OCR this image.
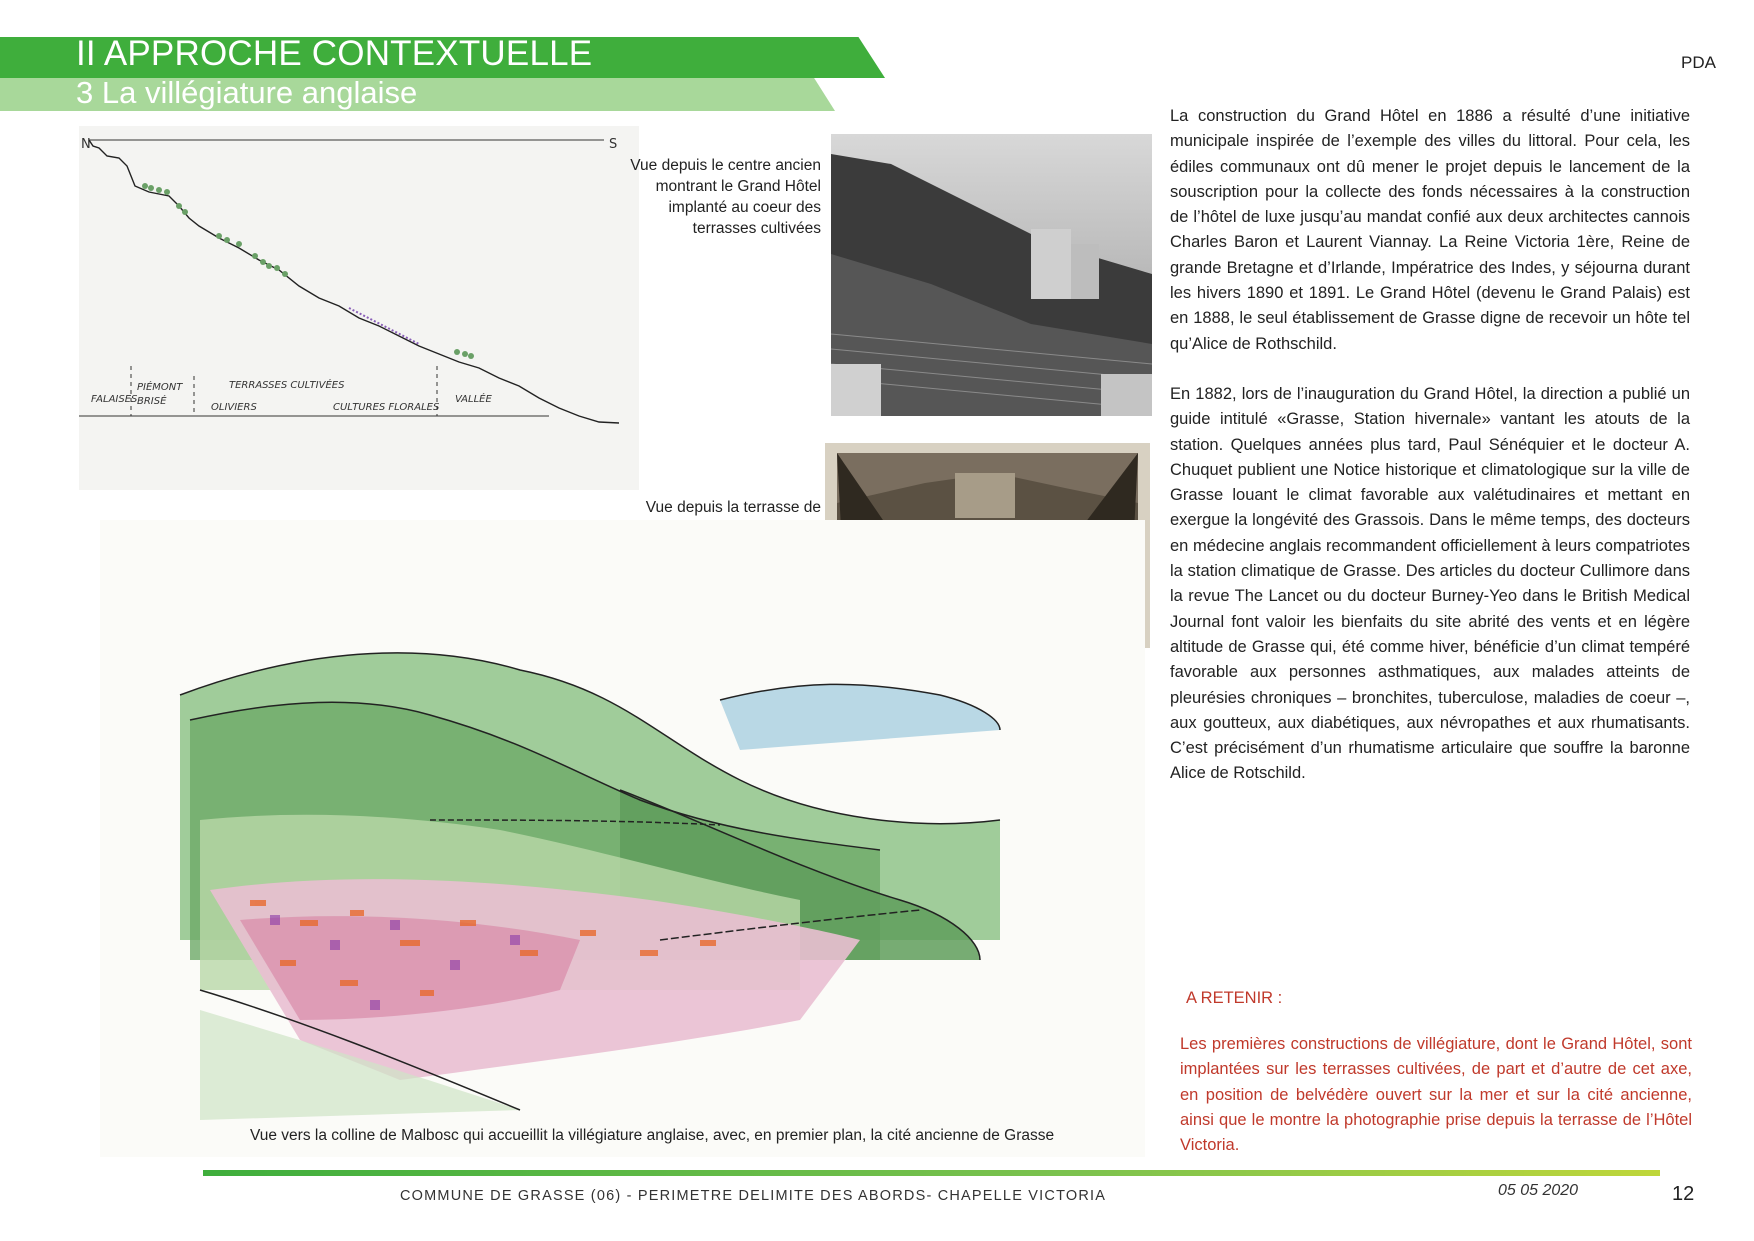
II APPROCHE CONTEXTUELLE
3 La villégiature anglaise
PDA
N	S
FALAISES
PIÉMONT
BRISÉ
TERRASSES CULTIVÉES
OLIVIERS	CULTURES FLORALES
VALLÉE
Vue depuis le centre ancien montrant le Grand Hôtel implanté au coeur des terrasses cultivées
Vue depuis la terrasse de
Vue vers la colline de Malbosc qui accueillit la villégiature anglaise, avec, en premier plan, la cité ancienne de Grasse

La construction du Grand Hôtel en 1886 a résulté d’une initiative municipale inspirée de l’exemple des villes du littoral. Pour cela, les édiles communaux ont dû mener le projet depuis le lancement de la souscription pour la collecte des fonds nécessaires à la construction de l’hôtel de luxe jusqu’au mandat confié aux deux architectes cannois Charles Baron et Laurent Viannay. La Reine Victoria 1ère, Reine de grande Bretagne et d’Irlande, Impératrice des Indes, y séjourna durant les hivers 1890 et 1891. Le Grand Hôtel (devenu le Grand Palais) est en 1888, le seul établissement de Grasse digne de recevoir un hôte tel qu’Alice de Rothschild.

En 1882, lors de l’inauguration du Grand Hôtel, la direction a publié un guide intitulé «Grasse, Station hivernale» vantant les atouts de la station. Quelques années plus tard, Paul Sénéquier et le docteur A. Chuquet publient une Notice historique et climatologique sur la ville de Grasse louant le climat favorable aux valétudinaires et mettant en exergue la longévité des Grassois. Dans le même temps, des docteurs en médecine anglais recommandent officiellement à leurs compatriotes la station climatique de Grasse. Des articles du docteur Cullimore dans la revue The Lancet ou du docteur Burney-Yeo dans le British Medical Journal font valoir les bienfaits du site abrité des vents et en légère altitude de Grasse qui, été comme hiver, bénéficie d’un climat tempéré favorable aux personnes asthmatiques, aux malades atteints de pleurésies chroniques – bronchites, tuberculose, maladies de coeur –, aux goutteux, aux diabétiques, aux névropathes et aux rhumatisants. C’est précisément d’un rhumatisme articulaire que souffre la baronne Alice de Rotschild.

A RETENIR :
Les premières constructions de villégiature, dont le Grand Hôtel, sont implantées sur les terrasses cultivées, de part et d’autre de cet axe, en position de belvédère ouvert sur la mer et sur la cité ancienne, ainsi que le montre la photographie prise depuis la terrasse de l’Hôtel Victoria.
COMMUNE DE GRASSE (06) - PERIMETRE DELIMITE DES ABORDS- CHAPELLE VICTORIA	05 05 2020	12
